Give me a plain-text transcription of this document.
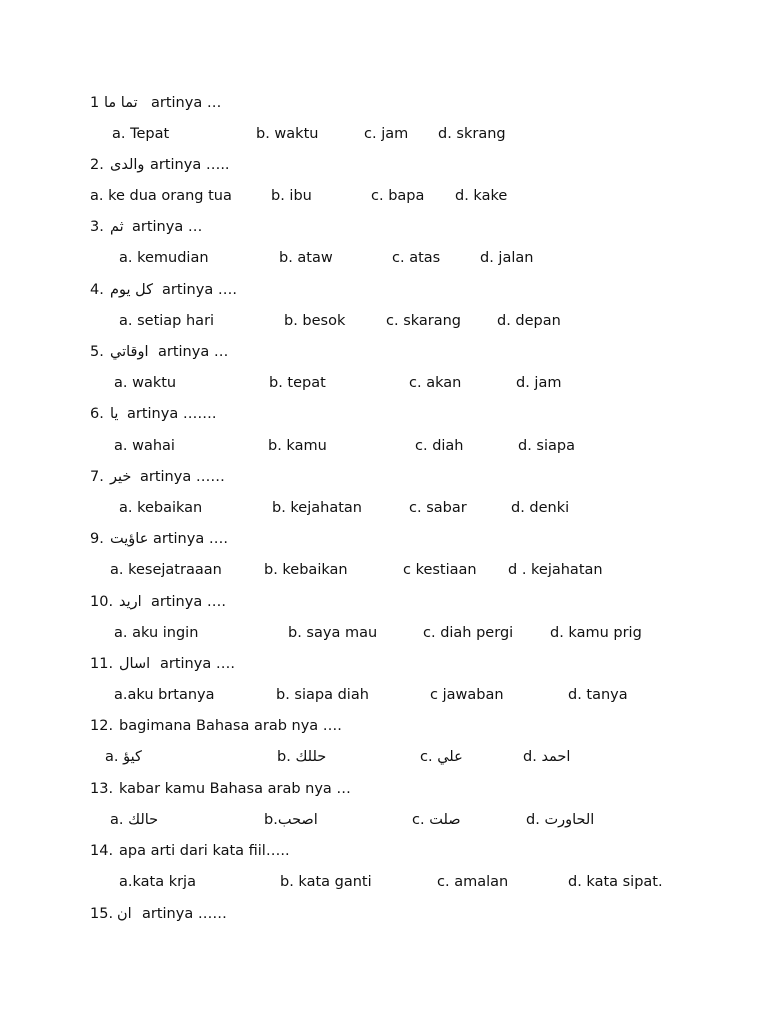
1 تما ما artinya …
a. Tepat	b. waktu	c. jam d. skrang
2. والدى artinya …..
a. ke dua orang tua	b. ibu	c. bapa d. kake
3. ثم artinya …
a. kemudian	b. ataw	c. atas	d. jalan
4. كل يوم artinya ….
a. setiap hari	b. besok	c. skarang d. depan
5. اوقاتي artinya …
a. waktu	b. tepat	c. akan	d. jam
6. يا artinya …….
a. wahai	b. kamu	c. diah	d. siapa
7. خير artinya ……
a. kebaikan	b. kejahatan	c. sabar	d. denki
9. عاؤيت artinya ….
a. kesejatraaan	b. kebaikan	c kestiaan d . kejahatan
10. اريد artinya ….
a. aku ingin	b. saya mau	c. diah pergi	d. kamu prig
11. اسال artinya ….
a.aku brtanya	b. siapa diah	c jawaban	d. tanya
12. bagimana Bahasa arab nya ….
a. كيؤ	b. حللك	c. علي	d. احمد
13. kabar kamu Bahasa arab nya …
a. حالك	b.اصحب	c. صلت	d. الحاورت
14. apa arti dari kata fiil…..
a.kata krja	b. kata ganti	c. amalan	d. kata sipat.
15. ان artinya ……
